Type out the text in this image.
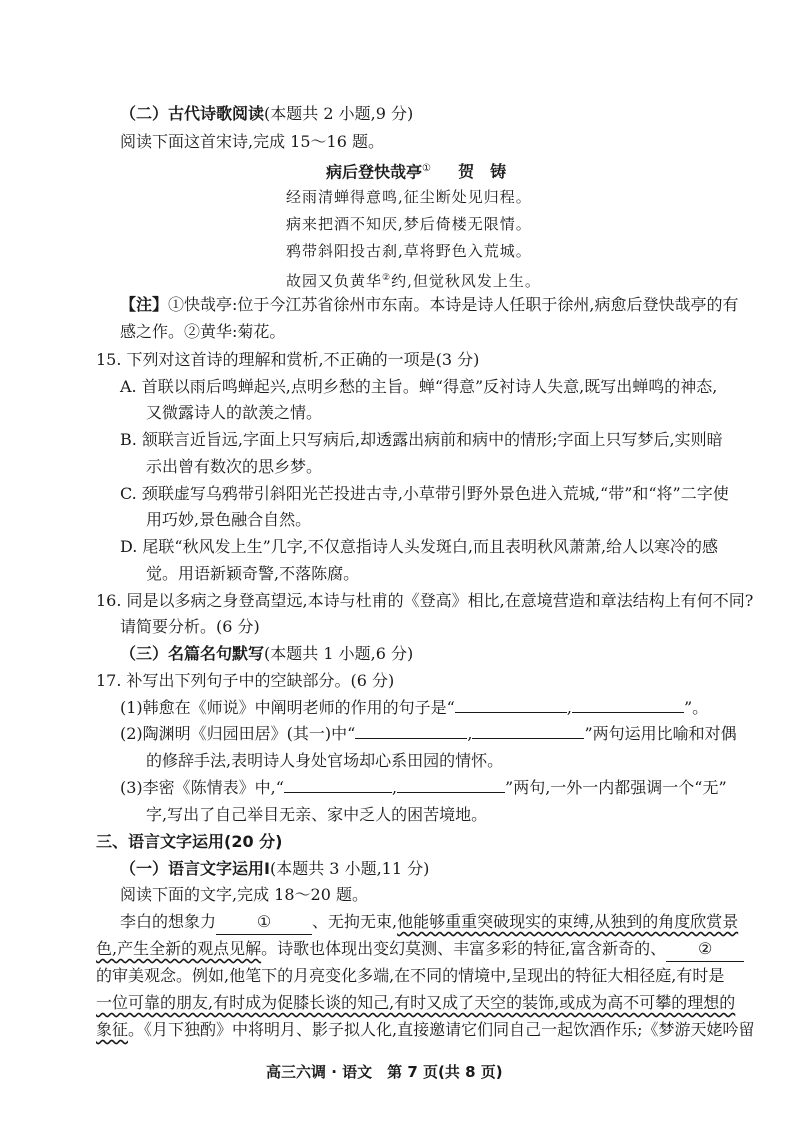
（二）古代诗歌阅读(本题共 2 小题,9 分)
阅读下面这首宋诗,完成 15～16 题。
病后登快哉亭① 贺　铸
经雨清蝉得意鸣,征尘断处见归程。
病来把酒不知厌,梦后倚楼无限情。
鸦带斜阳投古刹,草将野色入荒城。
故园又负黄华②约,但觉秋风发上生。
【注】①快哉亭:位于今江苏省徐州市东南。本诗是诗人任职于徐州,病愈后登快哉亭的有
感之作。②黄华:菊花。
15. 下列对这首诗的理解和赏析,不正确的一项是(3 分)
A. 首联以雨后鸣蝉起兴,点明乡愁的主旨。蝉“得意”反衬诗人失意,既写出蝉鸣的神态,
又微露诗人的歆羡之情。
B. 颔联言近旨远,字面上只写病后,却透露出病前和病中的情形;字面上只写梦后,实则暗
示出曾有数次的思乡梦。
C. 颈联虚写乌鸦带引斜阳光芒投进古寺,小草带引野外景色进入荒城,“带”和“将”二字使
用巧妙,景色融合自然。
D. 尾联“秋风发上生”几字,不仅意指诗人头发斑白,而且表明秋风萧萧,给人以寒冷的感
觉。用语新颖奇警,不落陈腐。
16. 同是以多病之身登高望远,本诗与杜甫的《登高》相比,在意境营造和章法结构上有何不同?
请简要分析。(6 分)
（三）名篇名句默写(本题共 1 小题,6 分)
17. 补写出下列句子中的空缺部分。(6 分)
(1)韩愈在《师说》中阐明老师的作用的句子是“	,	”。
(2)陶渊明《归园田居》(其一)中“	,	”两句运用比喻和对偶
的修辞手法,表明诗人身处官场却心系田园的情怀。
(3)李密《陈情表》中,“	,	”两句,一外一内都强调一个“无”
字,写出了自己举目无亲、家中乏人的困苦境地。
三、语言文字运用(20 分)
（一）语言文字运用Ⅰ(本题共 3 小题,11 分)
阅读下面的文字,完成 18～20 题。
李白的想象力	①	、无拘无束,他能够重重突破现实的束缚,从独到的角度欣赏景
色,产生全新的观点见解。诗歌也体现出变幻莫测、丰富多彩的特征,富含新奇的、 ②
的审美观念。例如,他笔下的月亮变化多端,在不同的情境中,呈现出的特征大相径庭,有时是
一位可靠的朋友,有时成为促膝长谈的知己,有时又成了天空的装饰,或成为高不可攀的理想的
象征。《月下独酌》中将明月、影子拟人化,直接邀请它们同自己一起饮酒作乐;《梦游天姥吟留
高三六调 · 语文　第 7 页(共 8 页)
